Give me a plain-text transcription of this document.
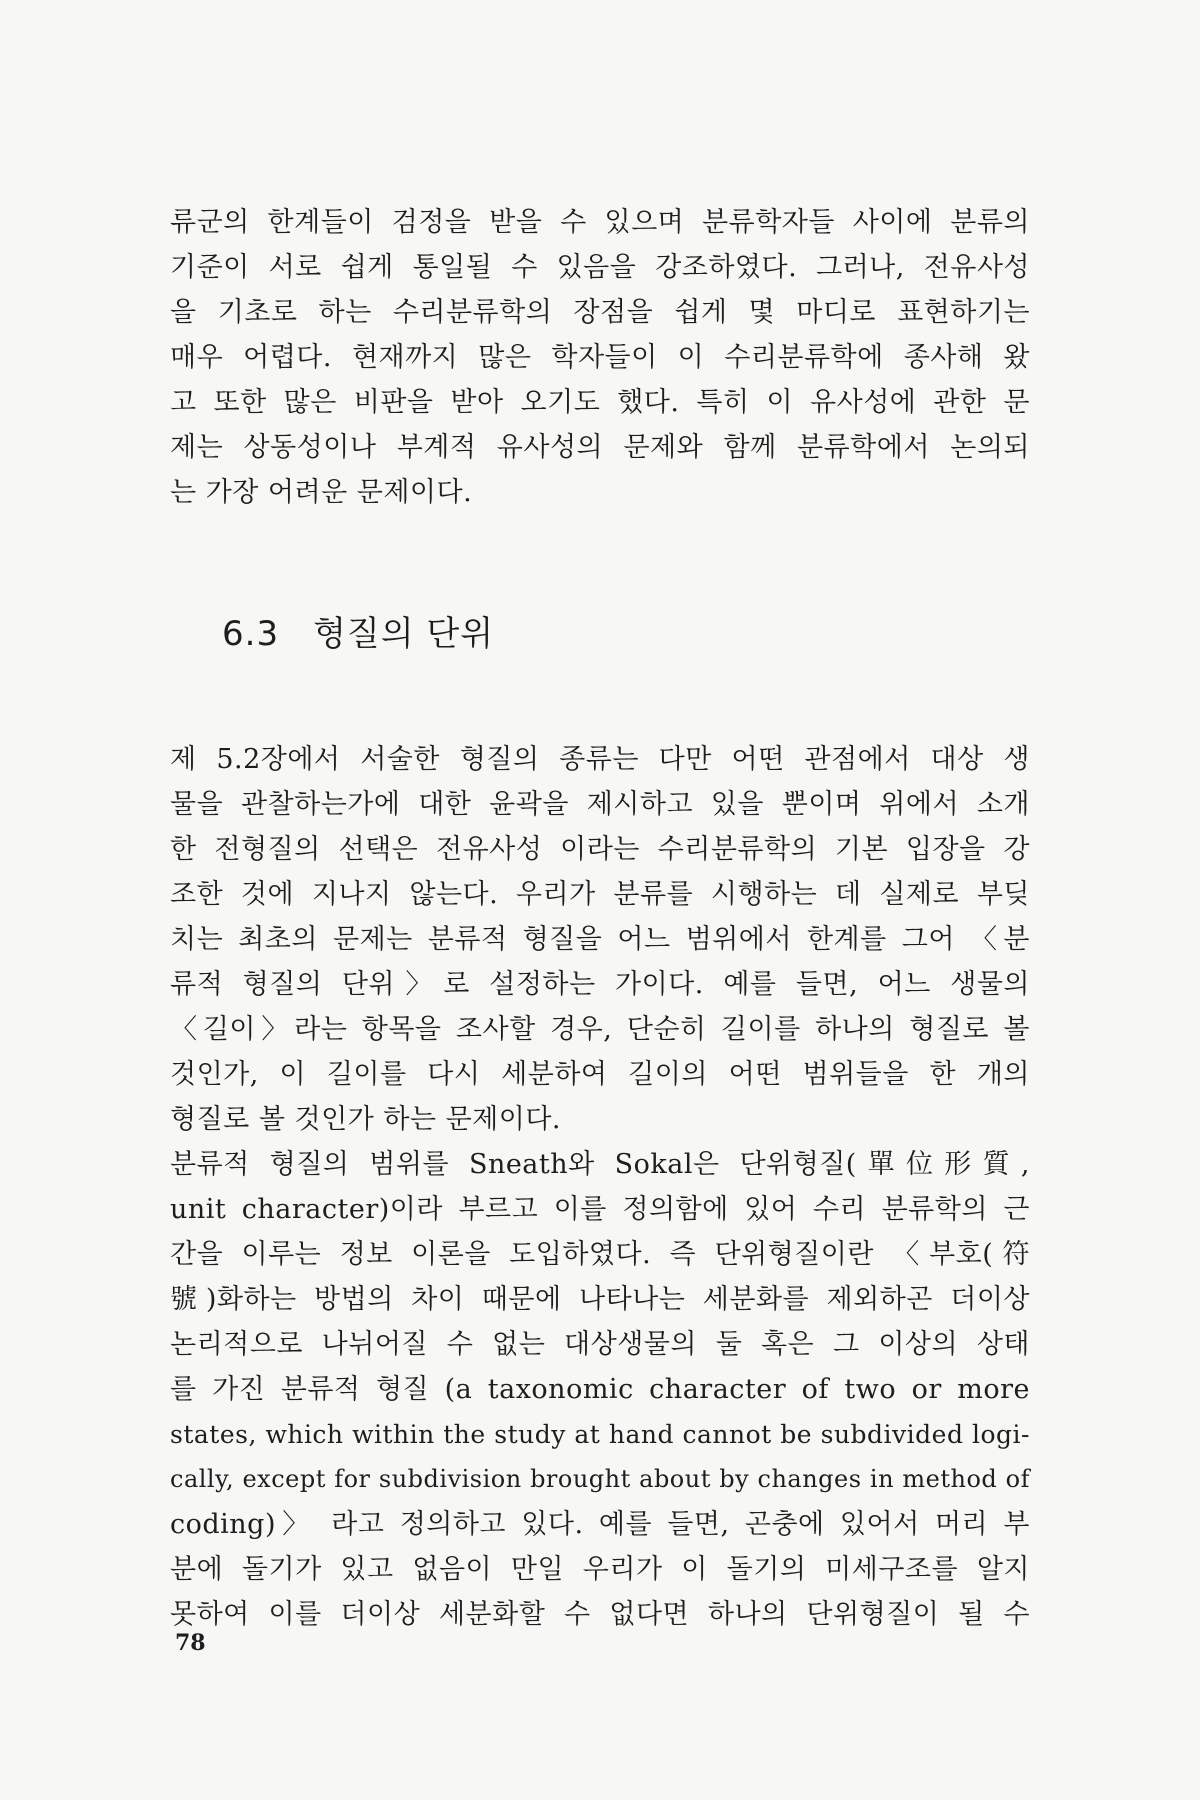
류군의 한계들이 검정을 받을 수 있으며 분류학자들 사이에 분류의
기준이 서로 쉽게 통일될 수 있음을 강조하였다. 그러나, 전유사성
을 기초로 하는 수리분류학의 장점을 쉽게 몇 마디로 표현하기는
매우 어렵다. 현재까지 많은 학자들이 이 수리분류학에 종사해 왔
고 또한 많은 비판을 받아 오기도 했다. 특히 이 유사성에 관한 문
제는 상동성이나 부계적 유사성의 문제와 함께 분류학에서 논의되
는 가장 어려운 문제이다.
6.3 형질의 단위
제 5.2장에서 서술한 형질의 종류는 다만 어떤 관점에서 대상 생
물을 관찰하는가에 대한 윤곽을 제시하고 있을 뿐이며 위에서 소개
한 전형질의 선택은 전유사성 이라는 수리분류학의 기본 입장을 강
조한 것에 지나지 않는다. 우리가 분류를 시행하는 데 실제로 부딪
치는 최초의 문제는 분류적 형질을 어느 범위에서 한계를 그어 〈분
류적 형질의 단위〉로 설정하는 가이다. 예를 들면, 어느 생물의
〈길이〉라는 항목을 조사할 경우, 단순히 길이를 하나의 형질로 볼
것인가, 이 길이를 다시 세분하여 길이의 어떤 범위들을 한 개의
형질로 볼 것인가 하는 문제이다.
분류적 형질의 범위를 Sneath와 Sokal은 단위형질(單位形質,
unit character)이라 부르고 이를 정의함에 있어 수리 분류학의 근
간을 이루는 정보 이론을 도입하였다. 즉 단위형질이란 〈부호(符
號)화하는 방법의 차이 때문에 나타나는 세분화를 제외하곤 더이상
논리적으로 나뉘어질 수 없는 대상생물의 둘 혹은 그 이상의 상태
를 가진 분류적 형질 (a taxonomic character of two or more
states, which within the study at hand cannot be subdivided logi-
cally, except for subdivision brought about by changes in method of
coding)〉 라고 정의하고 있다. 예를 들면, 곤충에 있어서 머리 부
분에 돌기가 있고 없음이 만일 우리가 이 돌기의 미세구조를 알지
못하여 이를 더이상 세분화할 수 없다면 하나의 단위형질이 될 수
78
